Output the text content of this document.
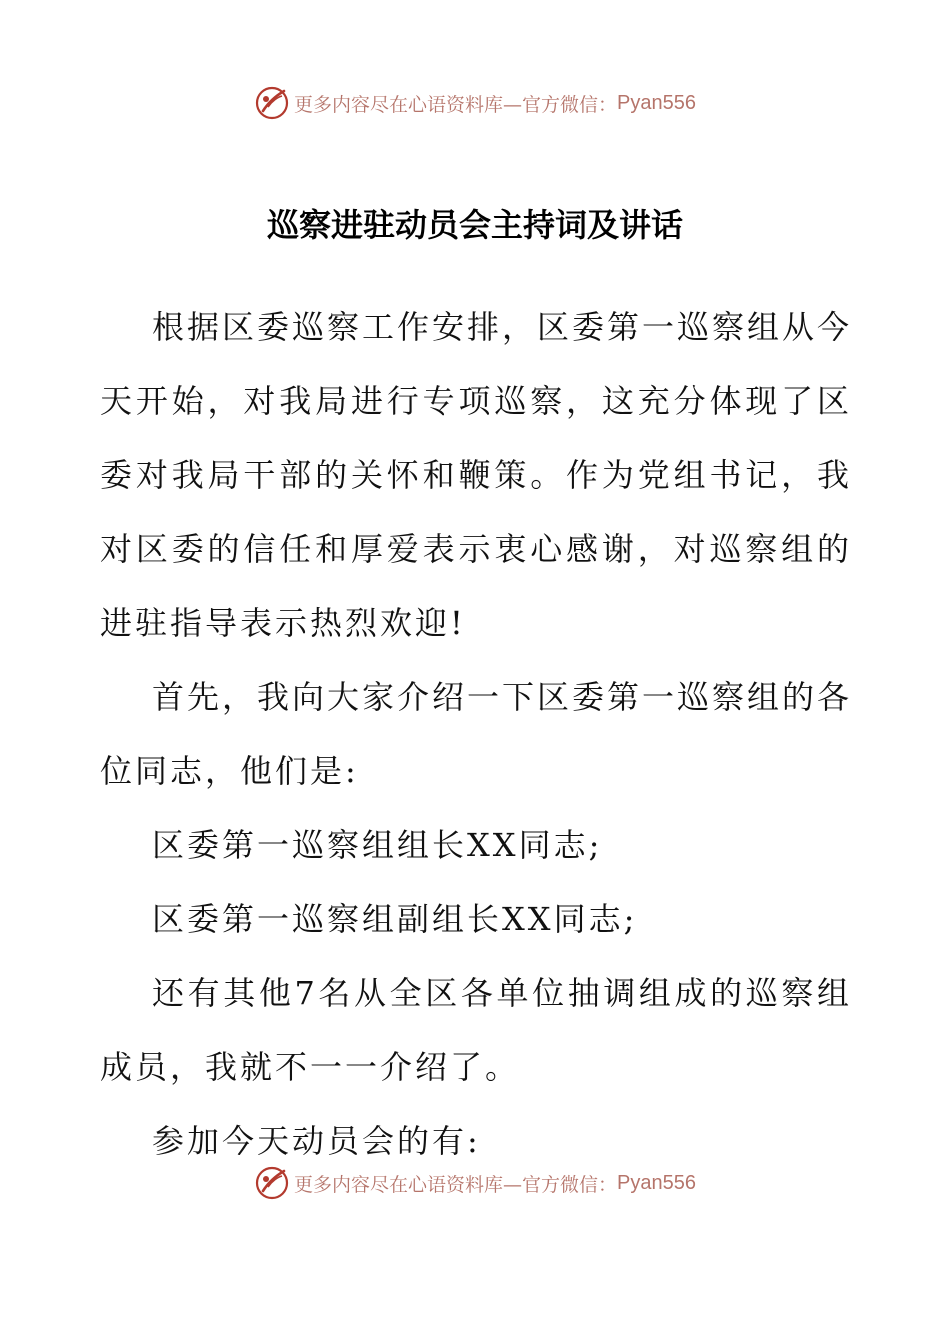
更多内容尽在心语资料库—官方微信： Pyan556
巡察进驻动员会主持词及讲话

根据区委巡察工作安排，区委第一巡察组从今天开始，对我局进行专项巡察，这充分体现了区委对我局干部的关怀和鞭策。作为党组书记，我对区委的信任和厚爱表示衷心感谢，对巡察组的进驻指导表示热烈欢迎!

首先，我向大家介绍一下区委第一巡察组的各位同志，他们是:

区委第一巡察组组长XX同志;

区委第一巡察组副组长XX同志;

还有其他7名从全区各单位抽调组成的巡察组成员，我就不一一介绍了。

参加今天动员会的有:

更多内容尽在心语资料库—官方微信： Pyan556
